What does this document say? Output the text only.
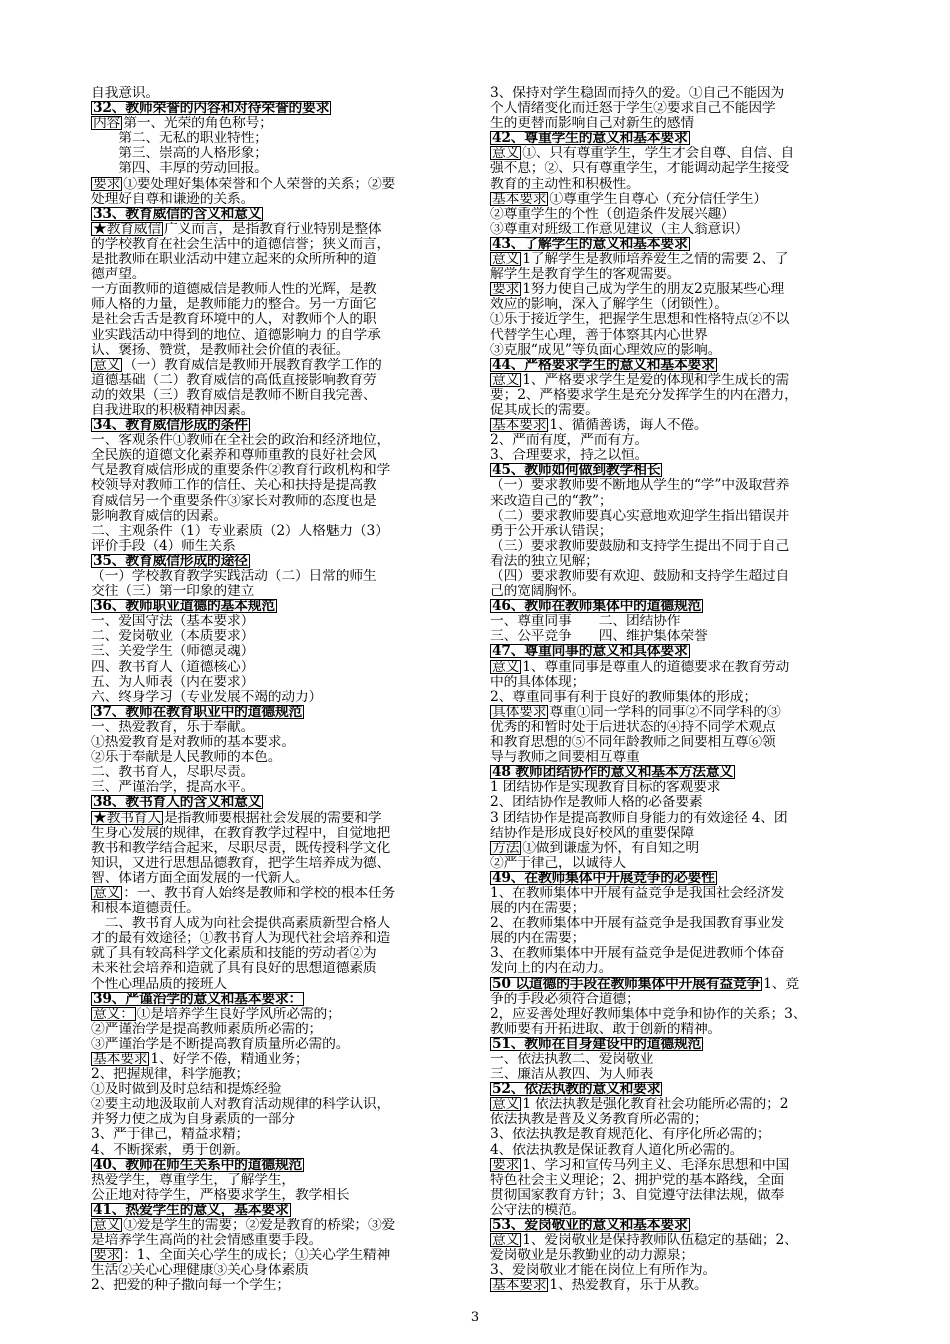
自我意识。
32、教师荣誉的内容和对待荣誉的要求
内容 第一、光荣的角色称号；
　　第二、无私的职业特性；
　　第三、崇高的人格形象；
　　第四、丰厚的劳动回报。
要求 ①要处理好集体荣誉和个人荣誉的关系；②要
处理好自尊和谦逊的关系。
33、教育威信的含义和意义
★教育威信 广义而言，是指教育行业特别是整体
的学校教育在社会生活中的道德信誉；狭义而言，
是批教师在职业活动中建立起来的众所所种的道
德声望。
一方面教师的道德威信是教师人性的光辉，是教
师人格的力量，是教师能力的整合。另一方面它
是社会舌舌是教育环境中的人，对教师个人的职
业实践活动中得到的地位、道德影响力 的自学承
认、褒扬、赞赏，是教师社会价值的表征。
意义 （一）教育威信是教师开展教育教学工作的
道德基础（二）教育威信的高低直接影响教育劳
动的效果（三）教育威信是教师不断自我完善、
自我进取的积极精神因素。
34、教育威信形成的条件
一、客观条件①教师在全社会的政治和经济地位，
全民族的道德文化素养和尊师重教的良好社会风
气是教育威信形成的重要条件②教育行政机构和学
校领导对教师工作的信任、关心和扶持是提高教
育威信另一个重要条件③家长对教师的态度也是
影响教育威信的因素。
二、主观条件（1）专业素质（2）人格魅力（3）
评价手段（4）师生关系
35、教育威信形成的途径
（一）学校教育教学实践活动（二）日常的师生
交往（三）第一印象的建立
36、教师职业道德的基本规范
一、爱国守法（基本要求）
二、爱岗敬业（本质要求）
三、关爱学生（师德灵魂）
四、教书育人（道德核心）
五、为人师表（内在要求）
六、终身学习（专业发展不竭的动力）
37、教师在教育职业中的道德规范
一、热爱教育，乐于奉献。
①热爱教育是对教师的基本要求。
②乐于奉献是人民教师的本色。
二、教书育人，尽职尽责。
三、严谨治学，提高水平。
38、教书育人的含义和意义
★教书育人 是指教师要根据社会发展的需要和学
生身心发展的规律，在教育教学过程中，自觉地把
教书和教学结合起来，尽职尽责，既传授科学文化
知识，又进行思想品德教育，把学生培养成为德、
智、体诸方面全面发展的一代新人。
意义 ：一、教书育人始终是教师和学校的根本任务
和根本道德责任。
　二、教书育人成为向社会提供高素质新型合格人
才的最有效途径；①教书育人为现代社会培养和造
就了具有较高科学文化素质和技能的劳动者②为
未来社会培养和造就了具有良好的思想道德素质
个性心理品质的接班人
39、严谨治学的意义和基本要求：
意义： ①是培养学生良好学风所必需的；
②严谨治学是提高教师素质所必需的；
③严谨治学是不断提高教育质量所必需的。
基本要求 1、好学不倦，精通业务；
2、把握规律，科学施教；
①及时做到及时总结和提炼经验
②要主动地汲取前人对教育活动规律的科学认识，
并努力使之成为自身素质的一部分
3、严于律己，精益求精；
4、不断探索，勇于创新。
40、教师在师生关系中的道德规范
热爱学生，尊重学生，了解学生，
公正地对待学生，严格要求学生，教学相长
41、热爱学生的意义，基本要求
意义 ①爱是学生的需要；②爱是教育的桥梁；③爱
是培养学生高尚的社会情感重要手段。
要求 ：1、全面关心学生的成长；①关心学生精神
生活②关心心理健康③关心身体素质
2、把爱的种子撒向每一个学生；
3、保持对学生稳固而持久的爱。①自己不能因为
个人情绪变化而迁怒于学生②要求自己不能因学
生的更替而影响自己对新生的感情
42、尊重学生的意义和基本要求
意义 ①、只有尊重学生，学生才会自尊、自信、自
强不息；②、只有尊重学生，才能调动起学生接受
教育的主动性和积极性。
基本要求 ①尊重学生自尊心（充分信任学生）
②尊重学生的个性（创造条件发展兴趣）
③尊重对班级工作意见建议（主人翁意识）
43、了解学生的意义和基本要求
意义 1了解学生是教师培养爱生之情的需要 2、了
解学生是教育学生的客观需要。
要求 1努力使自己成为学生的朋友2克服某些心理
效应的影响，深入了解学生（闭锁性）。
①乐于接近学生，把握学生思想和性格特点②不以
代替学生心理，善于体察其内心世界
③克服“成见”等负面心理效应的影响。
44、严格要求学生的意义和基本要求
意义 1、严格要求学生是爱的体现和学生成长的需
要；2、严格要求学生是充分发挥学生的内在潜力，
促其成长的需要。
基本要求 1、循循善诱，诲人不倦。
2、严而有度，严而有方。
3、合理要求，持之以恒。
45、教师如何做到教学相长
（一）要求教师要不断地从学生的“学”中汲取营养
来改造自己的“教”；
（二）要求教师要真心实意地欢迎学生指出错误并
勇于公开承认错误；
（三）要求教师要鼓励和支持学生提出不同于自己
看法的独立见解；
（四）要求教师要有欢迎、鼓励和支持学生超过自
己的宽阔胸怀。
46、教师在教师集体中的道德规范
一、尊重同事　　二、团结协作
三、公平竞争　　四、维护集体荣誉
47、尊重同事的意义和具体要求
意义 1、尊重同事是尊重人的道德要求在教育劳动
中的具体体现；
2、尊重同事有利于良好的教师集体的形成；
具体要求 尊重①同一学科的同事②不同学科的③
优秀的和暂时处于后进状态的④持不同学术观点
和教育思想的⑤不同年龄教师之间要相互尊⑥领
导与教师之间要相互尊重
48 教师团结协作的意义和基本方法意义
1 团结协作是实现教育目标的客观要求
2、团结协作是教师人格的必备要素
3 团结协作是提高教师自身能力的有效途径 4、团
结协作是形成良好校风的重要保障
方法 ①做到谦虚为怀，有自知之明
②严于律己，以诚待人
49、在教师集体中开展竞争的必要性
1、在教师集体中开展有益竞争是我国社会经济发
展的内在需要；
2、在教师集体中开展有益竞争是我国教育事业发
展的内在需要；
3、在教师集体中开展有益竞争是促进教师个体奋
发向上的内在动力。
50 以道德的手段在教师集体中开展有益竞争 1、竞
争的手段必须符合道德；
2，应妥善处理好教师集体中竞争和协作的关系；3、
教师要有开拓进取、敢于创新的精神。
51、教师在自身建设中的道德规范
一、依法执教二、爱岗敬业
三、廉洁从教四、为人师表
52、依法执教的意义和要求
意义 1 依法执教是强化教育社会功能所必需的；2
依法执教是普及义务教育所必需的；
3、依法执教是教育规范化、有序化所必需的；
4、依法执教是保证教育人道化所必需的。
要求 1、学习和宣传马列主义、毛泽东思想和中国
特色社会主义理论；2、拥护党的基本路线，全面
贯彻国家教育方针；3、自觉遵守法律法规，做奉
公守法的模范。
53、爱岗敬业的意义和基本要求
意义 1、爱岗敬业是保持教师队伍稳定的基础；2、
爱岗敬业是乐教勤业的动力源泉；
3、爱岗敬业才能在岗位上有所作为。
基本要求 1、热爱教育，乐于从教。
3
